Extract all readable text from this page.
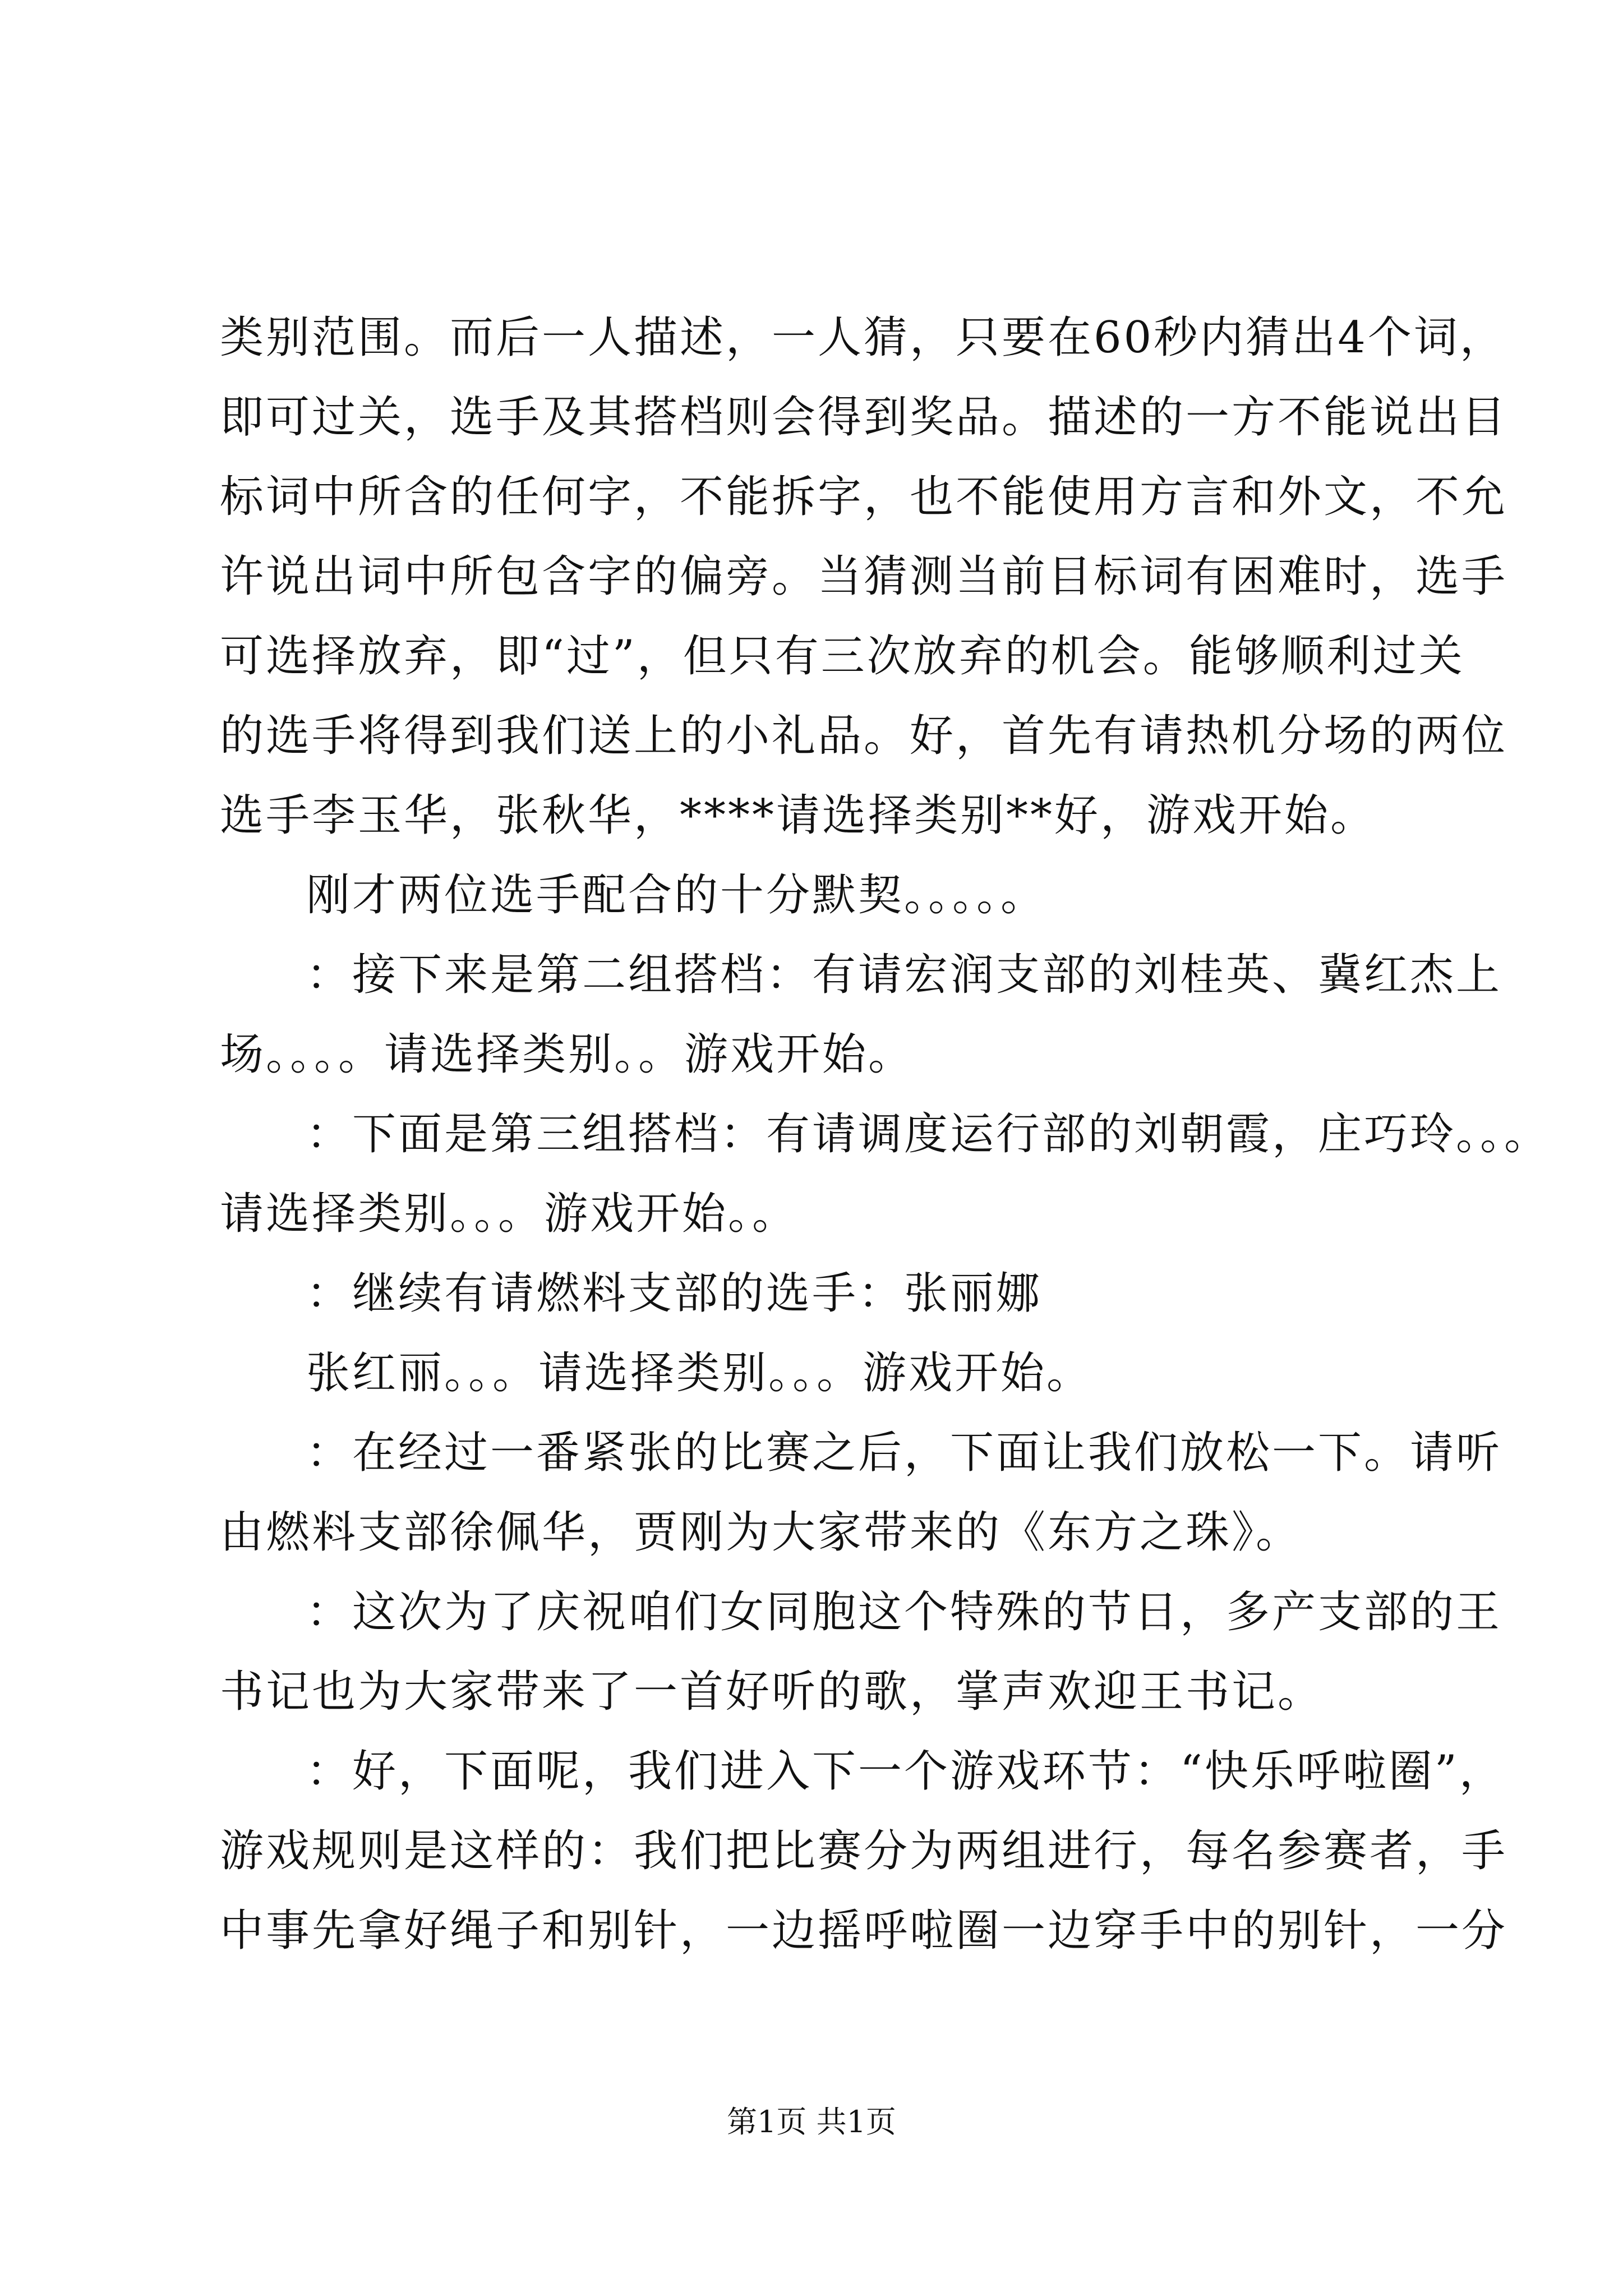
类别范围。而后一人描述，一人猜，只要在60秒内猜出4个词，
即可过关，选手及其搭档则会得到奖品。描述的一方不能说出目
标词中所含的任何字，不能拆字，也不能使用方言和外文，不允
许说出词中所包含字的偏旁。当猜测当前目标词有困难时，选手
可选择放弃，即“过”，但只有三次放弃的机会。能够顺利过关
的选手将得到我们送上的小礼品。好，首先有请热机分场的两位
选手李玉华，张秋华，****请选择类别**好，游戏开始。
刚才两位选手配合的十分默契。。。。。
：接下来是第二组搭档：有请宏润支部的刘桂英、冀红杰上
场。。。。请选择类别。。游戏开始。
：下面是第三组搭档：有请调度运行部的刘朝霞，庄巧玲。。。
请选择类别。。。游戏开始。。
：继续有请燃料支部的选手：张丽娜
张红丽。。。请选择类别。。。游戏开始。
：在经过一番紧张的比赛之后，下面让我们放松一下。请听
由燃料支部徐佩华，贾刚为大家带来的《东方之珠》。
：这次为了庆祝咱们女同胞这个特殊的节日，多产支部的王
书记也为大家带来了一首好听的歌，掌声欢迎王书记。
：好，下面呢，我们进入下一个游戏环节：“快乐呼啦圈”，
游戏规则是这样的：我们把比赛分为两组进行，每名参赛者，手
中事先拿好绳子和别针，一边摇呼啦圈一边穿手中的别针，一分
第1页 共1页
